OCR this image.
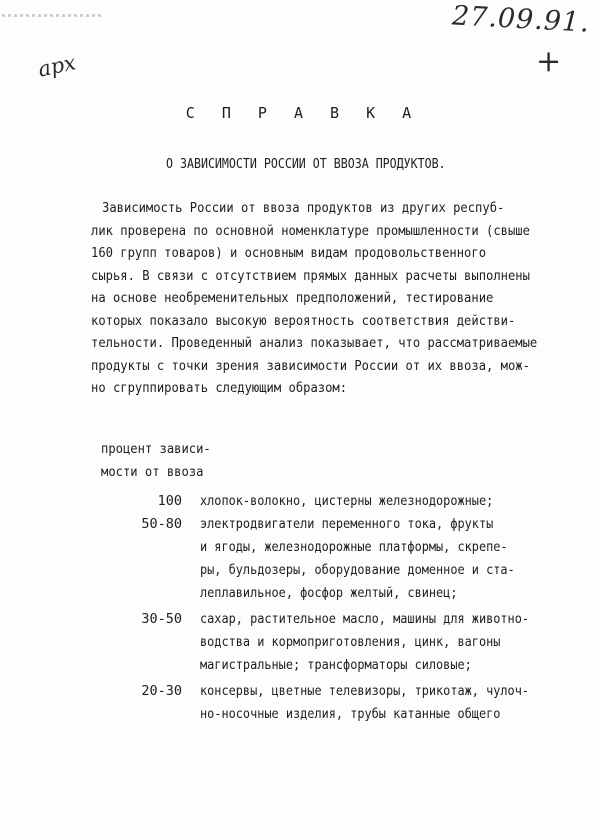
27.09.91.
арх	+
С П Р А В К А
О ЗАВИСИМОСТИ РОССИИ ОТ ВВОЗА ПРОДУКТОВ.
Зависимость России от ввоза продуктов из других респуб-
лик проверена по основной номенклатуре промышленности (свыше
160 групп товаров) и основным видам продовольственного
сырья. В связи с отсутствием прямых данных расчеты выполнены
на основе необременительных предположений, тестирование
которых показало высокую вероятность соответствия действи-
тельности. Проведенный анализ показывает, что рассматриваемые
продукты с точки зрения зависимости России от их ввоза, мож-
но сгруппировать следующим образом:
процент зависи-
мости от ввоза
100 хлопок-волокно, цистерны железнодорожные;
50-80 электродвигатели переменного тока, фрукты
и ягоды, железнодорожные платформы, скрепе-
ры, бульдозеры, оборудование доменное и ста-
леплавильное, фосфор желтый, свинец;
30-50 сахар, растительное масло, машины для животно-
водства и кормоприготовления, цинк, вагоны
магистральные; трансформаторы силовые;
20-30 консервы, цветные телевизоры, трикотаж, чулоч-
но-носочные изделия, трубы катанные общего
